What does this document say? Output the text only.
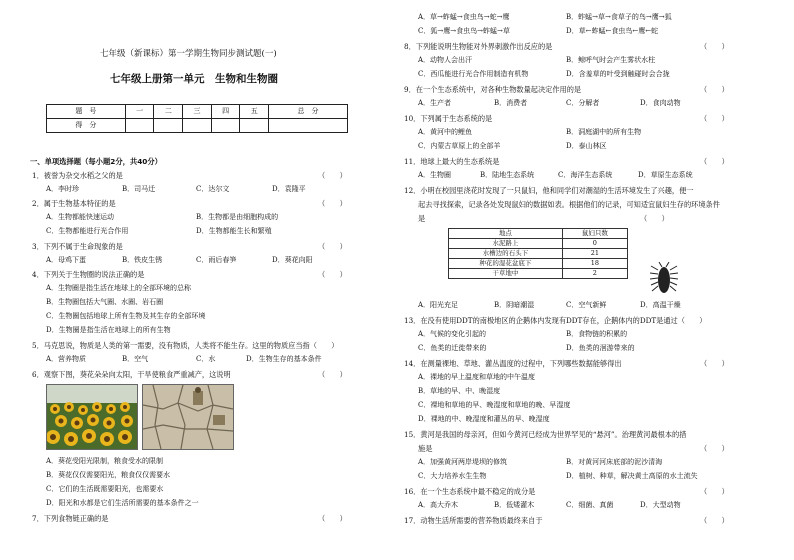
七年级（新课标）第一学期生物同步测试题(一)
七年级上册第一单元　生物和生物圈
题　号	一	二	三	四	五	总　分
得　分						
一、单项选择题（每小题2分，共40分）
1．被誉为杂交水稻之父的是	（　　）
A．李时珍	B．司马迁	C．达尔文	D．袁隆平
2．属于生物基本特征的是	（　　）
A．生物都能快速运动	B．生物都是由细胞构成的
C．生物都能进行光合作用	D．生物都能生长和繁殖
3．下列不属于生命现象的是	（　　）
A．母鸡下蛋	B．铁皮生锈	C．雨后春笋	D．葵花向阳
4．下列关于生物圈的说法正确的是	（　　）
A．生物圈是指生活在地球上的全部环境的总称
B．生物圈包括大气圈、水圈、岩石圈
C．生物圈包括地球上所有生物及其生存的全部环境
D．生物圈是指生活在地球上的所有生物
5．马克思说，物质是人类的第一需要，没有物质，人类将不能生存。这里的物质应当指（　　）
A．营养物质	B．空气	C．水	D．生物生存的基本条件
6．观察下图，葵花朵朵向太阳，干旱使粮食严重减产，这说明	（　　）
A．葵花受阳光限制，粮食受水的限制
B．葵花仅仅需要阳光，粮食仅仅需要水
C．它们的生活既需要阳光，也需要水
D．阳光和水都是它们生活所需要的基本条件之一
7．下列食物链正确的是	（　　）
A．草→蚱蜢→食虫鸟→蛇→鹰	B．蚱蜢→草→食草子的鸟→鹰→狐
C．狐→鹰→食虫鸟→蚱蜢→草	D．草←蚱蜢←食虫鸟←鹰←蛇
8．下列能说明生物能对外界刺激作出反应的是	（　　）
A．动物人会出汗	B．鲸呼气时会产生雾状水柱
C．西瓜能进行光合作用制造有机物	D．含羞草的叶受到触碰时会合拢
9．在一个生态系统中，对各种生物数量起决定作用的是	（　　）
A．生产者	B．消费者	C．分解者	D．食肉动物
10．下列属于生态系统的是	（　　）
A．黄河中的鲤鱼	B．洞庭湖中的所有生物
C．内蒙古草原上的全部羊	D．泰山林区
11．地球上最大的生态系统是	（　　）
A．生物圈	B．陆地生态系统	C．海洋生态系统	D．草原生态系统
12．小明在校园里浇花时发现了一只鼠妇，他和同学们对潮湿的生活环境发生了兴趣，便一
起去寻找探索，记录各处发现鼠妇的数据如表。根据他们的记录，可知适宜鼠妇生存的环境条件
是	（　　）
地点	鼠妇只数
水泥路上	0
水槽边的石头下	21
种花的湿花盆底下	18
干草地中	2
A．阳光充足	B．阴暗潮湿	C．空气新鲜	D．高温干燥
13．在没有使用DDT的南极地区的企鹅体内发现有DDT存在，企鹅体内的DDT是通过（　　）
A．气候的变化引起的	B．食物链的积累的
C．鱼类的迁徙带来的	D．鱼类的洄游带来的
14．在测量裸地、草地、灌丛温度的过程中，下列哪些数据能够得出	（　　）
A．裸地的早上温度和草地的中午温度
B．草地的早、中、晚湿度
C．裸地和草地的早、晚湿度和草地的晚、早湿度
D．裸地的中、晚湿度和灌丛的早、晚湿度
15．黄河是我国的母亲河，但如今黄河已经成为世界罕见的“悬河”。治理黄河最根本的措
施是	（　　）
A．加强黄河两岸堤坝的修筑	B．对黄河河床底部的泥沙清淘
C．大力培养水生生物	D．植树、种草，解决黄土高原的水土流失
16．在一个生态系统中最不稳定的成分是	（　　）
A．高大乔木	B．低矮灌木	C．细菌、真菌	D．大型动物
17．动物生活所需要的营养物质最终来自于	（　　）
